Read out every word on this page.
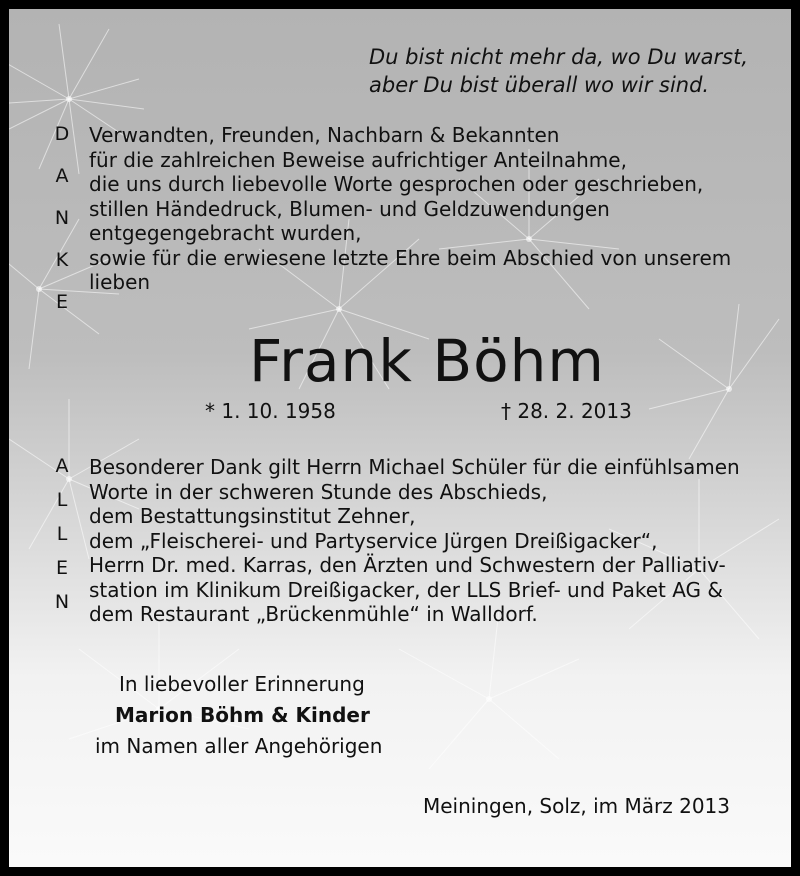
Du bist nicht mehr da, wo Du warst,
aber Du bist überall wo wir sind.
D
A
N
K
E
Verwandten, Freunden, Nachbarn & Bekannten
für die zahlreichen Beweise aufrichtiger Anteilnahme,
die uns durch liebevolle Worte gesprochen oder geschrieben,
stillen Händedruck, Blumen- und Geldzuwendungen
entgegengebracht wurden,
sowie für die erwiesene letzte Ehre beim Abschied von unserem
lieben
Frank Böhm
* 1. 10. 1958	† 28. 2. 2013
A
L
L
E
N
Besonderer Dank gilt Herrn Michael Schüler für die einfühlsamen
Worte in der schweren Stunde des Abschieds,
dem Bestattungsinstitut Zehner,
dem „Fleischerei- und Partyservice Jürgen Dreißigacker“,
Herrn Dr. med. Karras, den Ärzten und Schwestern der Palliativ-
station im Klinikum Dreißigacker, der LLS Brief- und Paket AG &
dem Restaurant „Brückenmühle“ in Walldorf.
In liebevoller Erinnerung
Marion Böhm & Kinder
im Namen aller Angehörigen
Meiningen, Solz, im März 2013
